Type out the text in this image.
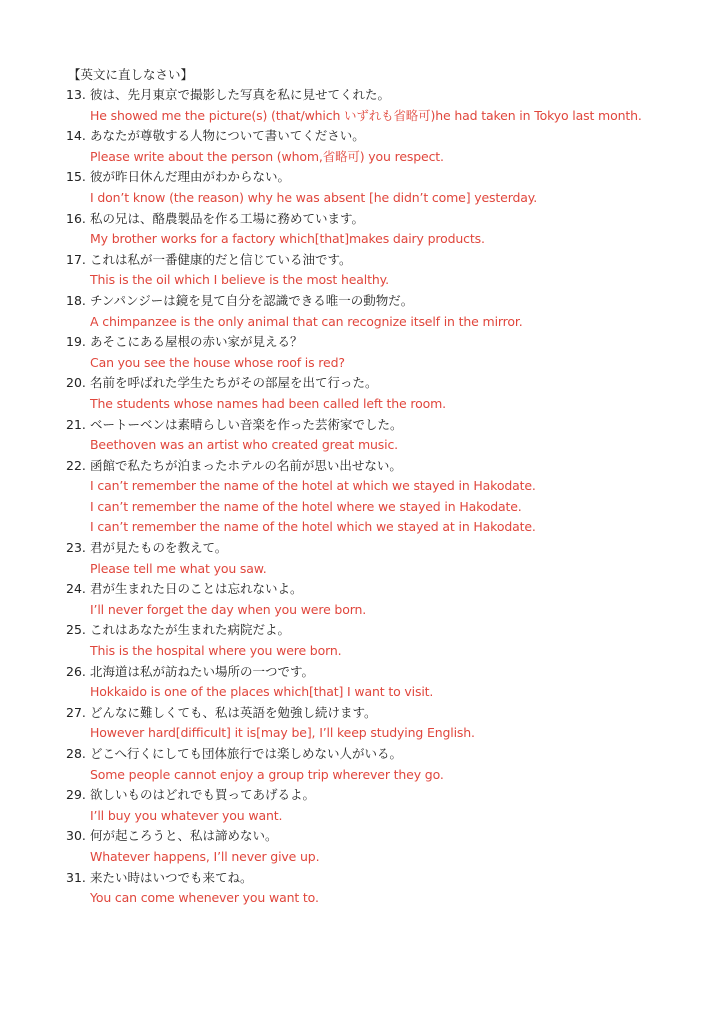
【英文に直しなさい】
13. 彼は、先月東京で撮影した写真を私に見せてくれた。
He showed me the picture(s) (that/which いずれも省略可)he had taken in Tokyo last month.
14. あなたが尊敬する人物について書いてください。
Please write about the person (whom,省略可) you respect.
15. 彼が昨日休んだ理由がわからない。
I don’t know (the reason) why he was absent [he didn’t come] yesterday.
16. 私の兄は、酪農製品を作る工場に務めています。
My brother works for a factory which[that]makes dairy products.
17. これは私が一番健康的だと信じている油です。
This is the oil which I believe is the most healthy.
18. チンパンジーは鏡を見て自分を認識できる唯一の動物だ。
A chimpanzee is the only animal that can recognize itself in the mirror.
19. あそこにある屋根の赤い家が見える？
Can you see the house whose roof is red?
20. 名前を呼ばれた学生たちがその部屋を出て行った。
The students whose names had been called left the room.
21. ベートーベンは素晴らしい音楽を作った芸術家でした。
Beethoven was an artist who created great music.
22. 函館で私たちが泊まったホテルの名前が思い出せない。
I can’t remember the name of the hotel at which we stayed in Hakodate.
I can’t remember the name of the hotel where we stayed in Hakodate.
I can’t remember the name of the hotel which we stayed at in Hakodate.
23. 君が見たものを教えて。
Please tell me what you saw.
24. 君が生まれた日のことは忘れないよ。
I’ll never forget the day when you were born.
25. これはあなたが生まれた病院だよ。
This is the hospital where you were born.
26. 北海道は私が訪ねたい場所の一つです。
Hokkaido is one of the places which[that] I want to visit.
27. どんなに難しくても、私は英語を勉強し続けます。
However hard[difficult] it is[may be], I’ll keep studying English.
28. どこへ行くにしても団体旅行では楽しめない人がいる。
Some people cannot enjoy a group trip wherever they go.
29. 欲しいものはどれでも買ってあげるよ。
I’ll buy you whatever you want.
30. 何が起ころうと、私は諦めない。
Whatever happens, I’ll never give up.
31. 来たい時はいつでも来てね。
You can come whenever you want to.
